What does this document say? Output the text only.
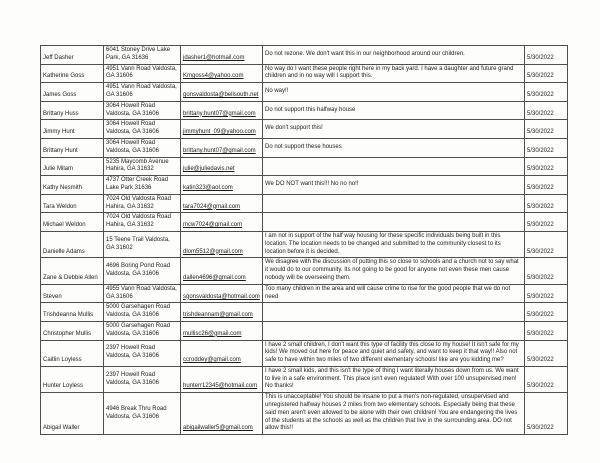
Jeff Dasher	6041 Stoney Drive Lake Park, GA 31636	jdasher1@hotmail.com	Do not rezone. We don't want this in our neighborhood around our children.	5/30/2022
Katherine Goss	4951 Vann Road Valdosta, GA 31606	Kmgoss4@yahoo.com	No way do I want these people right here in my back yard. I have a daughter and future grand children and in no way will I support this.	5/30/2022
James Goss	4951 Vann Road Valdosta, GA 31606	gonsvaldosta@bellsouth.net	No way!!	5/30/2022
Brittany Huss	3064 Howell Road Valdosta, GA 31606	brittany.hunt07@gmail.com	Do not support this halfway house	5/30/2022
Jimmy Hunt	3064 Howell Road Valdosta, GA 31606	jimmyhunt_09@yahoo.com	We don't support this!	5/30/2022
Brittany Hunt	3064 Howell Road Valdosta, GA 31606	brittany.hunt07@gmail.com	Do not support these houses	5/30/2022
Julie Milam	5235 Maycomb Avenue Hahira, GA 31632	julie@juliedavis.net		5/30/2022
Kathy Nesmith	4737 Otter Creek Road Lake Park 31636	katin323@aol.com	We DO NOT want this!!! No no no!!	5/30/2022
Tara Weldon	7024 Old Valdosta Road Hahira, GA 31632	tara7024@gmail.com		5/30/2022
Michael Weldon	7024 Old Valdosta Road Hahira, GA 31632	mcw7024@gmail.com		5/30/2022
Danielle Adams	15 Teene Trail Valdosta, GA 31602	dlom5512@gmail.com	I am not in support of the half way housing for these specific individuals being built in this location. The location needs to be changed and submitted to the community closest to its location before it is decided.	5/30/2022
Zane & Debbie Allen	4696 Boring Pond Road Valdosta, GA 31606	dallen4696@gmail.com	We disagree with the discussion of putting this so close to schools and a church not to say what it would do to our community. Its not going to be good for anyone not even these men cause nobody will be overseeing them.	5/30/2022
Steven	4955 Vann Road Valdosta, GA 31606	sgonsvaldosta@hotmail.com	Too many children in the area and will cause crime to rise for the good people that we do not need	5/30/2022
Trishdeanna Mullis	5000 Garsehagen Road Valdosta, GA 31606	trishdeannam@gmail.com		5/30/2022
Christopher Mullis	5000 Garsehagen Road Valdosta, GA 31606	mullisc26@gmail.com		5/30/2022
Caitlin Loyless	2397 Howell Road Valdosta, GA 31606	ccroddey@gmail.com	I have 2 small children, I don't want this type of facility this close to my house! It isn't safe for my kids! We moved out here for peace and quiet and safety, and want to keep it that way!! Also not safe to have within two miles of two different elementary schools! like are you kidding me?	5/30/2022
Hunter Loyless	2397 Howell Road Valdosta, GA 31606	hunterr12345@hotmail.com	I have 2 small kids, and this isn't the type of thing I want literally houses down from us. We want to live in a safe environment. This place isn't even regulated! With over 100 unsupervised men! No thanks!	5/30/2022
Abigail Waller	4946 Break Thru Road Valdosta, GA 31606	abigailwaller5@gmail.com	This is unacceptable! You should be insane to put a men's non-regulated, unsupervised and unregistered halfway houses 2 miles from two elementary schools. Especially being that these said men aren't even allowed to be alone with their own children! You are endangering the lives of the students at the schools as well as the children that live in the surrounding area. DO not allow this!!	5/30/2022
